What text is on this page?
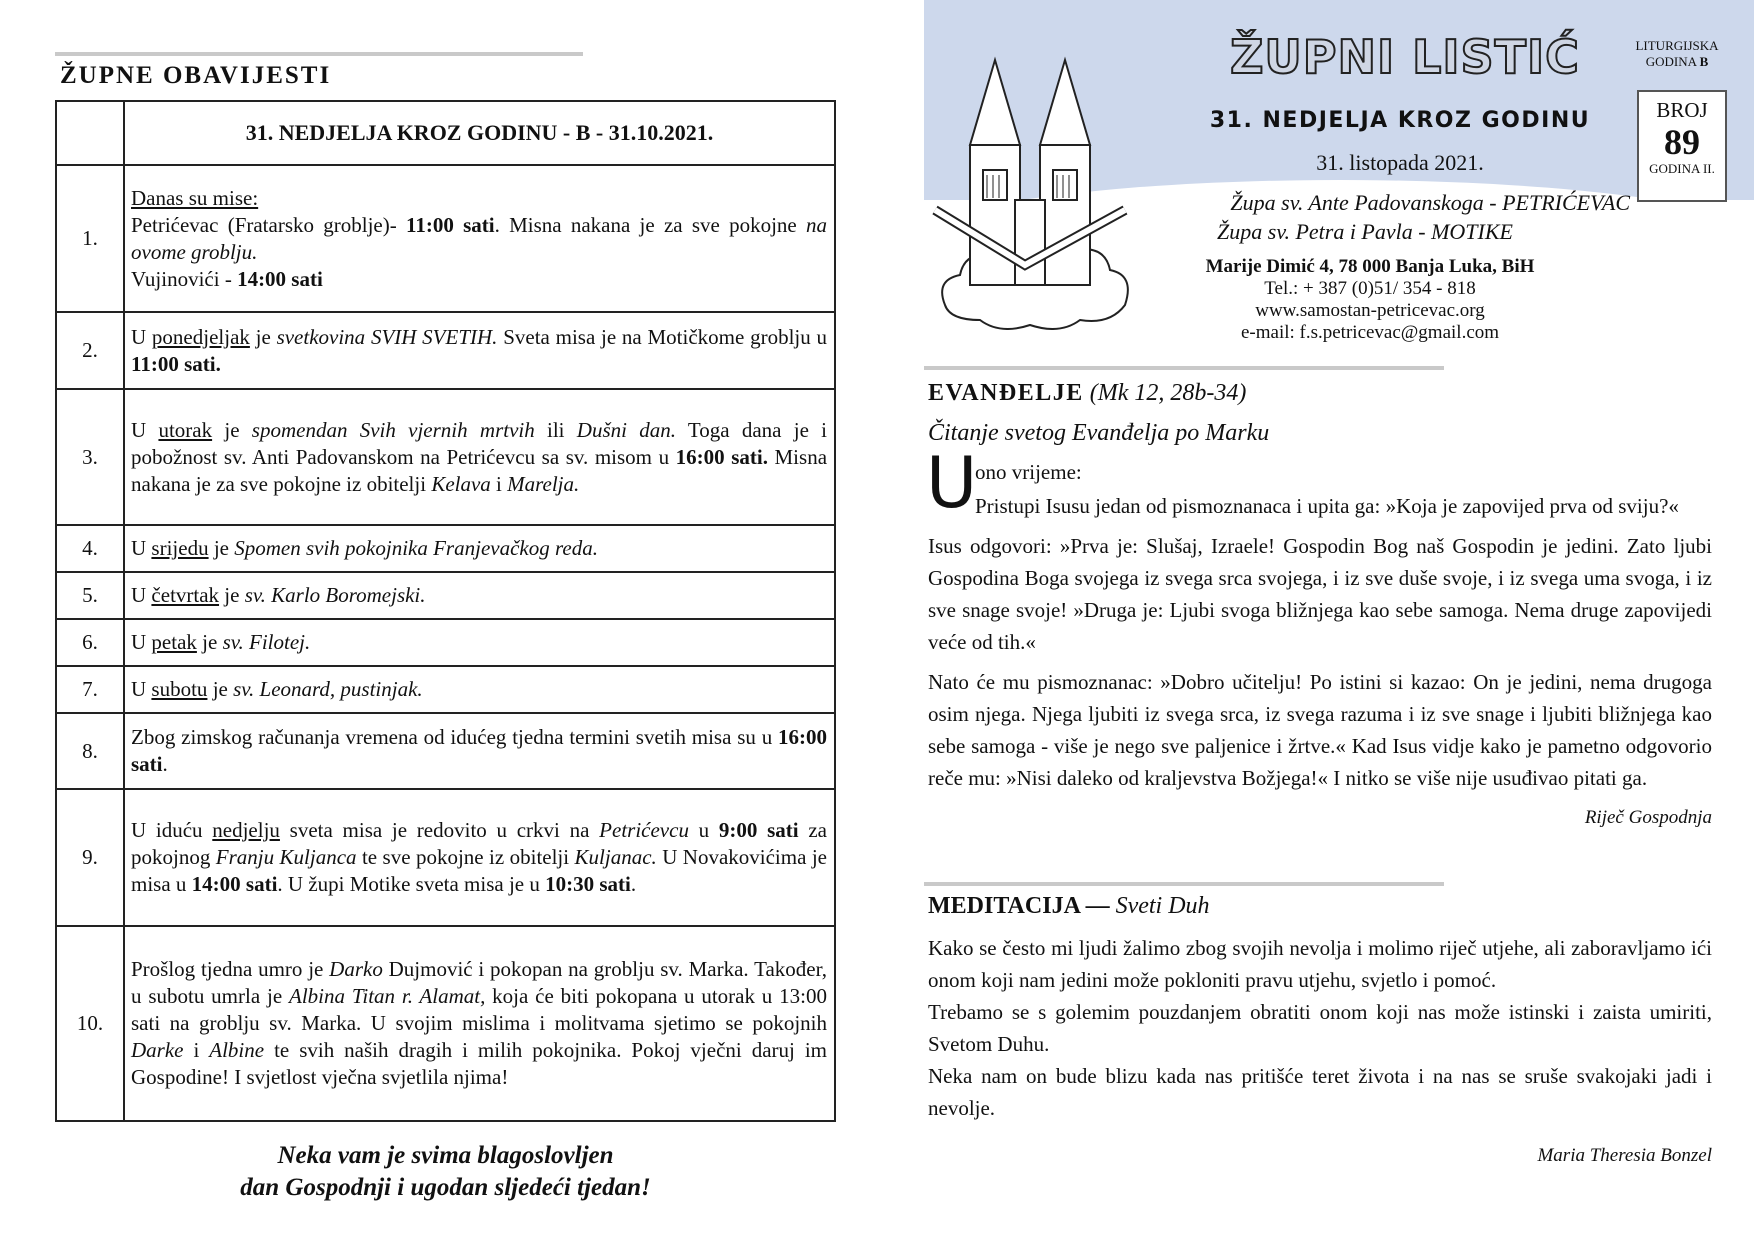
ŽUPNE OBAVIJESTI
	31. NEDJELJA KROZ GODINU - B - 31.10.2021.
1.	Danas su mise:
Petrićevac (Fratarsko groblje)- 11:00 sati. Misna nakana je za sve pokojne na ovome groblju.
Vujinovići - 14:00 sati

2.	U ponedjeljak je svetkovina SVIH SVETIH. Sveta misa je na Motičkome groblju u 11:00 sati.
3.	U utorak je spomendan Svih vjernih mrtvih ili Dušni dan. Toga dana je i pobožnost sv. Anti Padovanskom na Petrićevcu sa sv. misom u 16:00 sati. Misna nakana je za sve pokojne iz obitelji Kelava i Marelja.
4.	U srijedu je Spomen svih pokojnika Franjevačkog reda.
5.	U četvrtak je sv. Karlo Boromejski.
6.	U petak je sv. Filotej.
7.	U subotu je sv. Leonard, pustinjak.
8.	Zbog zimskog računanja vremena od idućeg tjedna termini svetih misa su u 16:00 sati.
9.	U iduću nedjelju sveta misa je redovito u crkvi na Petrićevcu u 9:00 sati za pokojnog Franju Kuljanca te sve pokojne iz obitelji Kuljanac. U Novakovićima je misa u 14:00 sati. U župi Motike sveta misa je u 10:30 sati.
10.	Prošlog tjedna umro je Darko Dujmović i pokopan na groblju sv. Marka. Također, u subotu umrla je Albina Titan r. Alamat, koja će biti pokopana u utorak u 13:00 sati na groblju sv. Marka. U svojim mislima i molitvama sjetimo se pokojnih Darke i Albine te svih naših dragih i milih pokojnika. Pokoj vječni daruj im Gospodine! I svjetlost vječna svjetlila njima!
Neka vam je svima blagoslovljen
dan Gospodnji i ugodan sljedeći tjedan!
ŽUPNI LISTIĆ	LITURGIJSKA
GODINA B
BROJ
89
GODINA II.
31. NEDJELJA KROZ GODINU
31. listopada 2021.
Župa sv. Ante Padovanskoga - PETRIĆEVAC
Župa sv. Petra i Pavla - MOTIKE
Marije Dimić 4, 78 000 Banja Luka, BiH
Tel.: + 387 (0)51/ 354 - 818
www.samostan-petricevac.org
e-mail: f.s.petricevac@gmail.com
EVANĐELJE (Mk 12, 28b-34)
Čitanje svetog Evanđelja po Marku
U
ono vrijeme:

Pristupi Isusu jedan od pismoznanaca i upita ga: »Koja je zapovijed prva od sviju?«

Isus odgovori: »Prva je: Slušaj, Izraele! Gospodin Bog naš Gospodin je jedini. Zato ljubi Gospodina Boga svojega iz svega srca svojega, i iz sve duše svoje, i iz svega uma svoga, i iz sve snage svoje! »Druga je: Ljubi svoga bližnjega kao sebe samoga. Nema druge zapovijedi veće od tih.«

Nato će mu pismoznanac: »Dobro učitelju! Po istini si kazao: On je jedini, nema drugoga osim njega. Njega ljubiti iz svega srca, iz svega razuma i iz sve snage i ljubiti bližnjega kao sebe samoga - više je nego sve paljenice i žrtve.« Kad Isus vidje kako je pametno odgovorio reče mu: »Nisi daleko od kraljevstva Božjega!« I nitko se više nije usuđivao pitati ga.

Riječ Gospodnja
MEDITACIJA — Sveti Duh

Kako se često mi ljudi žalimo zbog svojih nevolja i molimo riječ utjehe, ali zaboravljamo ići onom koji nam jedini može pokloniti pravu utjehu, svjetlo i pomoć.

Trebamo se s golemim pouzdanjem obratiti onom koji nas može istinski i zaista umiriti, Svetom Duhu.

Neka nam on bude blizu kada nas pritišće teret života i na nas se sruše svakojaki jadi i nevolje.

Maria Theresia Bonzel
